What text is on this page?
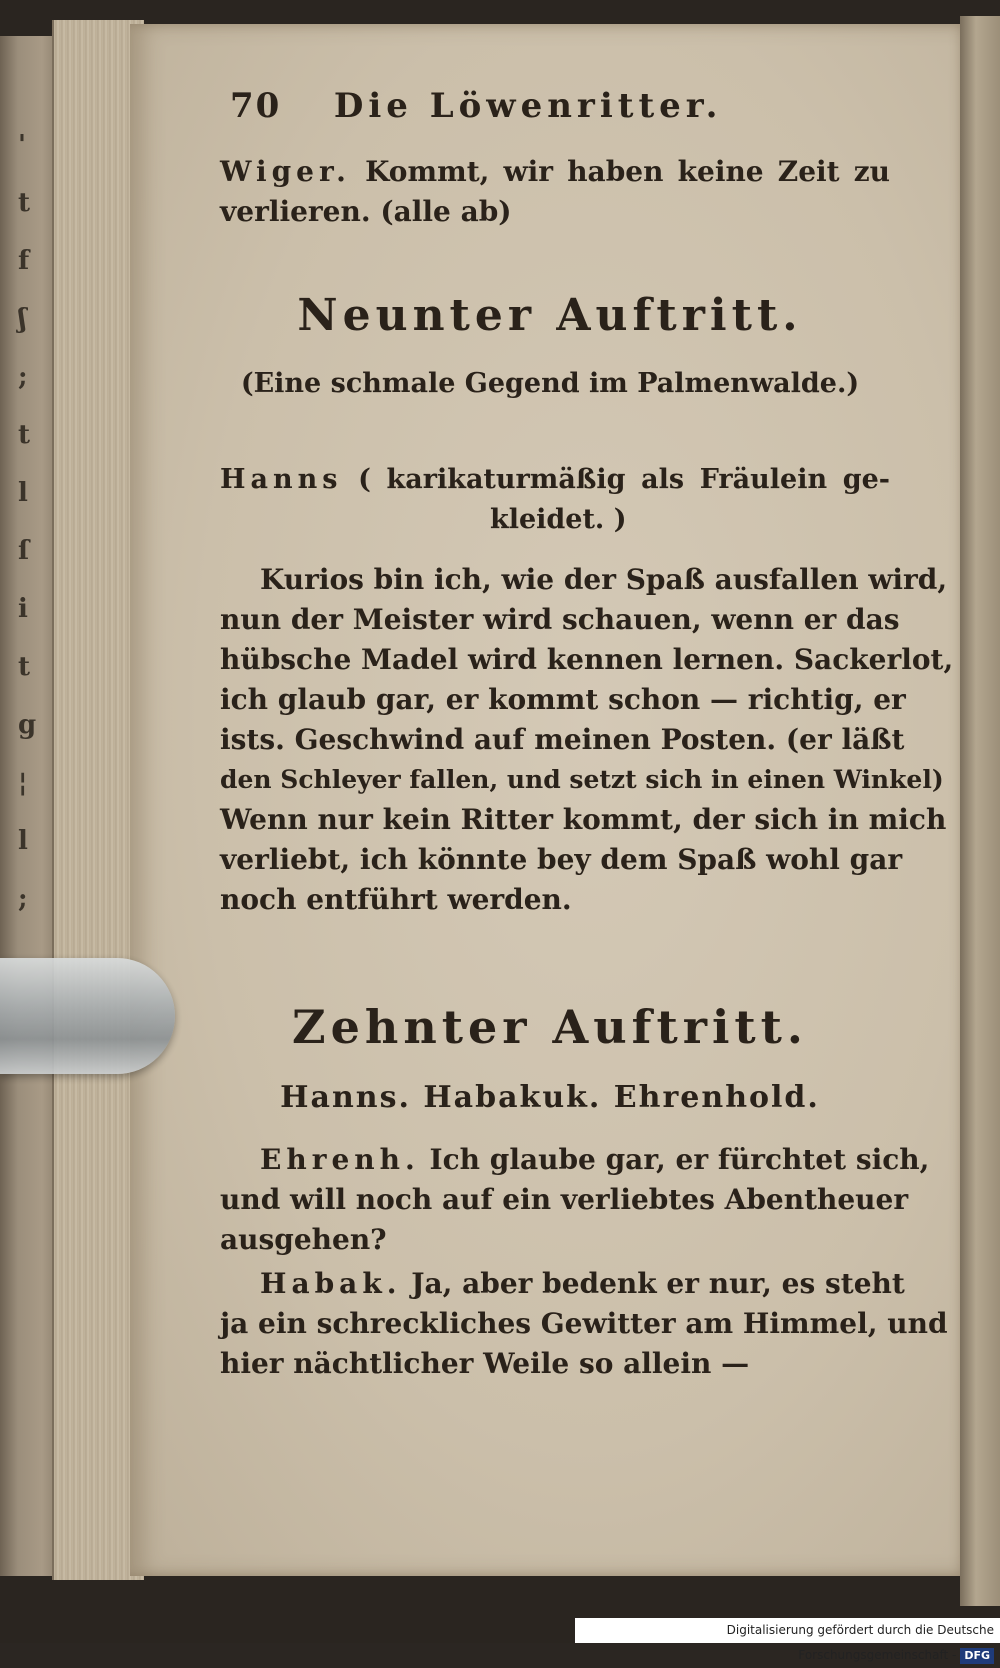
'
t
f
ʃ
;
t
l
ſ
i
t
g
¦
l
;
70 Die Löwenritter.
Wiger. Kommt, wir haben keine Zeit zu
verlieren. (alle ab)
Neunter Auftritt.
(Eine schmale Gegend im Palmenwalde.)
Hanns ( karikaturmäßig als Fräulein ge-
kleidet. )
Kurios bin ich, wie der Spaß ausfallen wird,
nun der Meister wird schauen, wenn er das
hübsche Madel wird kennen lernen. Sackerlot,
ich glaub gar, er kommt schon — richtig, er
ists. Geschwind auf meinen Posten. (er läßt
den Schleyer fallen, und setzt sich in einen Winkel)
Wenn nur kein Ritter kommt, der sich in mich
verliebt, ich könnte bey dem Spaß wohl gar
noch entführt werden.
Zehnter Auftritt.
Hanns. Habakuk. Ehrenhold.
Ehrenh. Ich glaube gar, er fürchtet sich,
und will noch auf ein verliebtes Abentheuer
ausgehen?
Habak. Ja, aber bedenk er nur, es steht
ja ein schreckliches Gewitter am Himmel, und
hier nächtlicher Weile so allein —
Digitalisierung gefördert durch die Deutsche Forschungsgemeinschaft - DFG
